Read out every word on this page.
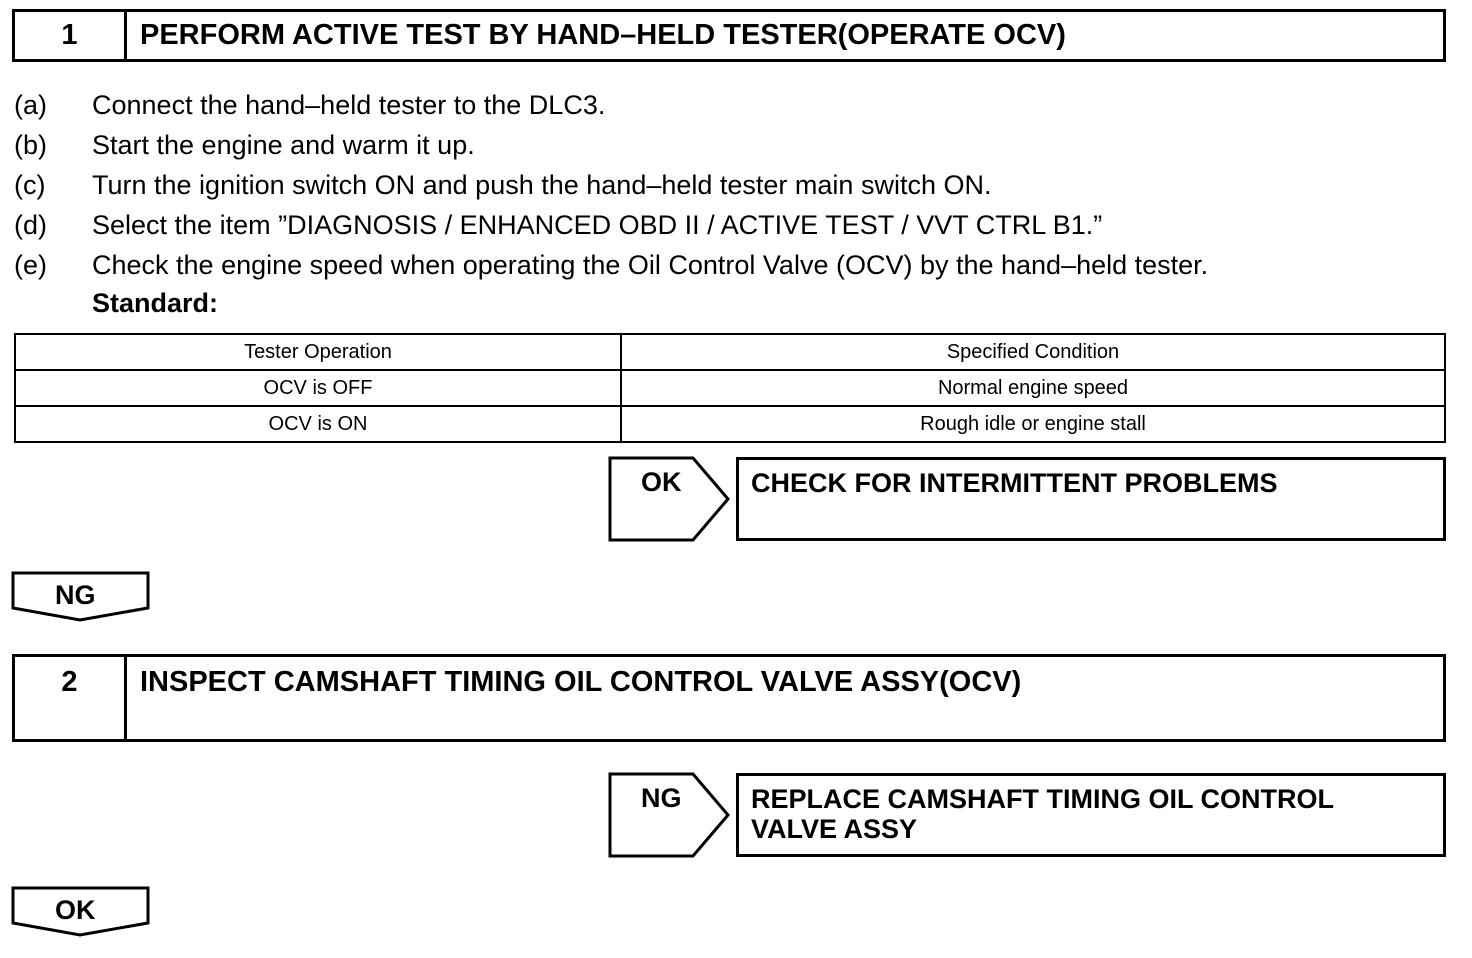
1	PERFORM ACTIVE TEST BY HAND–HELD TESTER(OPERATE OCV)
(a) Connect the hand–held tester to the DLC3.
(b) Start the engine and warm it up.
(c) Turn the ignition switch ON and push the hand–held tester main switch ON.
(d) Select the item ”DIAGNOSIS / ENHANCED OBD II / ACTIVE TEST / VVT CTRL B1.”
(e) Check the engine speed when operating the Oil Control Valve (OCV) by the hand–held tester.
Standard:
Tester Operation	Specified Condition
OCV is OFF	Normal engine speed
OCV is ON	Rough idle or engine stall
OK	CHECK FOR INTERMITTENT PROBLEMS
NG
2	INSPECT CAMSHAFT TIMING OIL CONTROL VALVE ASSY(OCV)
NG	REPLACE CAMSHAFT TIMING OIL CONTROL
VALVE ASSY
OK
